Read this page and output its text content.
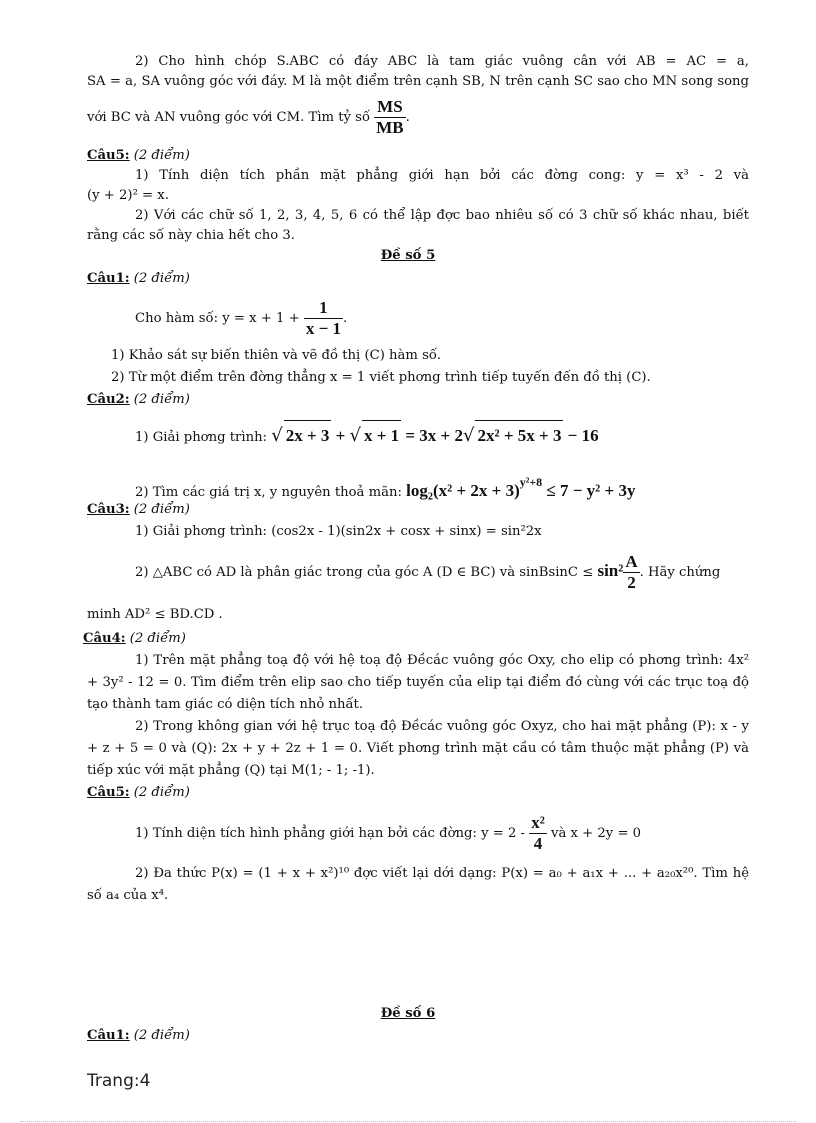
2) Cho hình chóp S.ABC có đáy ABC là tam giác vuông cân với AB = AC = a,
SA = a, SA vuông góc với đáy. M là một điểm trên cạnh SB, N trên cạnh SC sao cho MN song song
với BC và AN vuông góc với CM. Tìm tỷ số $\frac{MS}{MB}$ .
Câu5: (2 điểm)
1) Tính diện tích phần mặt phẳng giới hạn bởi các đờng cong: y = x³ - 2 và
(y + 2)² = x.
2) Với các chữ số 1, 2, 3, 4, 5, 6 có thể lập đợc bao nhiêu số có 3 chữ số khác nhau, biết
rằng các số này chia hết cho 3.
Đề số 5
Câu1: (2 điểm)
Cho hàm số: $y = x + 1 + \frac{1}{x - 1}$ .
1) Khảo sát sự biến thiên và vẽ đồ thị (C) hàm số.
2) Từ một điểm trên đờng thẳng x = 1 viết phơng trình tiếp tuyến đến đồ thị (C).
Câu2: (2 điểm)
1) Giải phơng trình: √ 2x + 3 + √ x + 1 = 3x + 2√ 2x² + 5x + 3 − 16
2) Tìm các giá trị x, y nguyên thoả mãn: $\log_2(x^2 + 2x + 3)^{y^2+8} \le 7 - y^2 + 3y$
Câu3: (2 điểm)
1) Giải phơng trình: (cos2x - 1)(sin2x + cosx + sinx) = sin²2x
2) △ABC có AD là phân giác trong của góc A (D ∈ BC) và sinBsinC ≤ $\sin^2 \frac{A}{2}$ . Hãy chứng
minh AD² ≤ BD.CD .
Câu4: (2 điểm)
1) Trên mặt phẳng toạ độ với hệ toạ độ Đềcác vuông góc Oxy, cho elip có phơng trình: 4x²
+ 3y² - 12 = 0. Tìm điểm trên elip sao cho tiếp tuyến của elip tại điểm đó cùng với các trục toạ độ
tạo thành tam giác có diện tích nhỏ nhất.
2) Trong không gian với hệ trục toạ độ Đềcác vuông góc Oxyz, cho hai mặt phẳng (P): x - y
+ z + 5 = 0 và (Q): 2x + y + 2z + 1 = 0. Viết phơng trình mặt cầu có tâm thuộc mặt phẳng (P) và
tiếp xúc với mặt phẳng (Q) tại M(1; - 1; -1).
Câu5: (2 điểm)
1) Tính diện tích hình phẳng giới hạn bởi các đờng: $y = 2 - \frac{\text{x²}}{4}$ và x + 2y = 0
2) Đa thức P(x) = (1 + x + x²)¹⁰ đợc viết lại dới dạng: P(x) = a₀ + a₁x + ... + a₂₀x²⁰. Tìm hệ
số a₄ của x⁴.
Đề số 6
Câu1: (2 điểm)
Trang:4
